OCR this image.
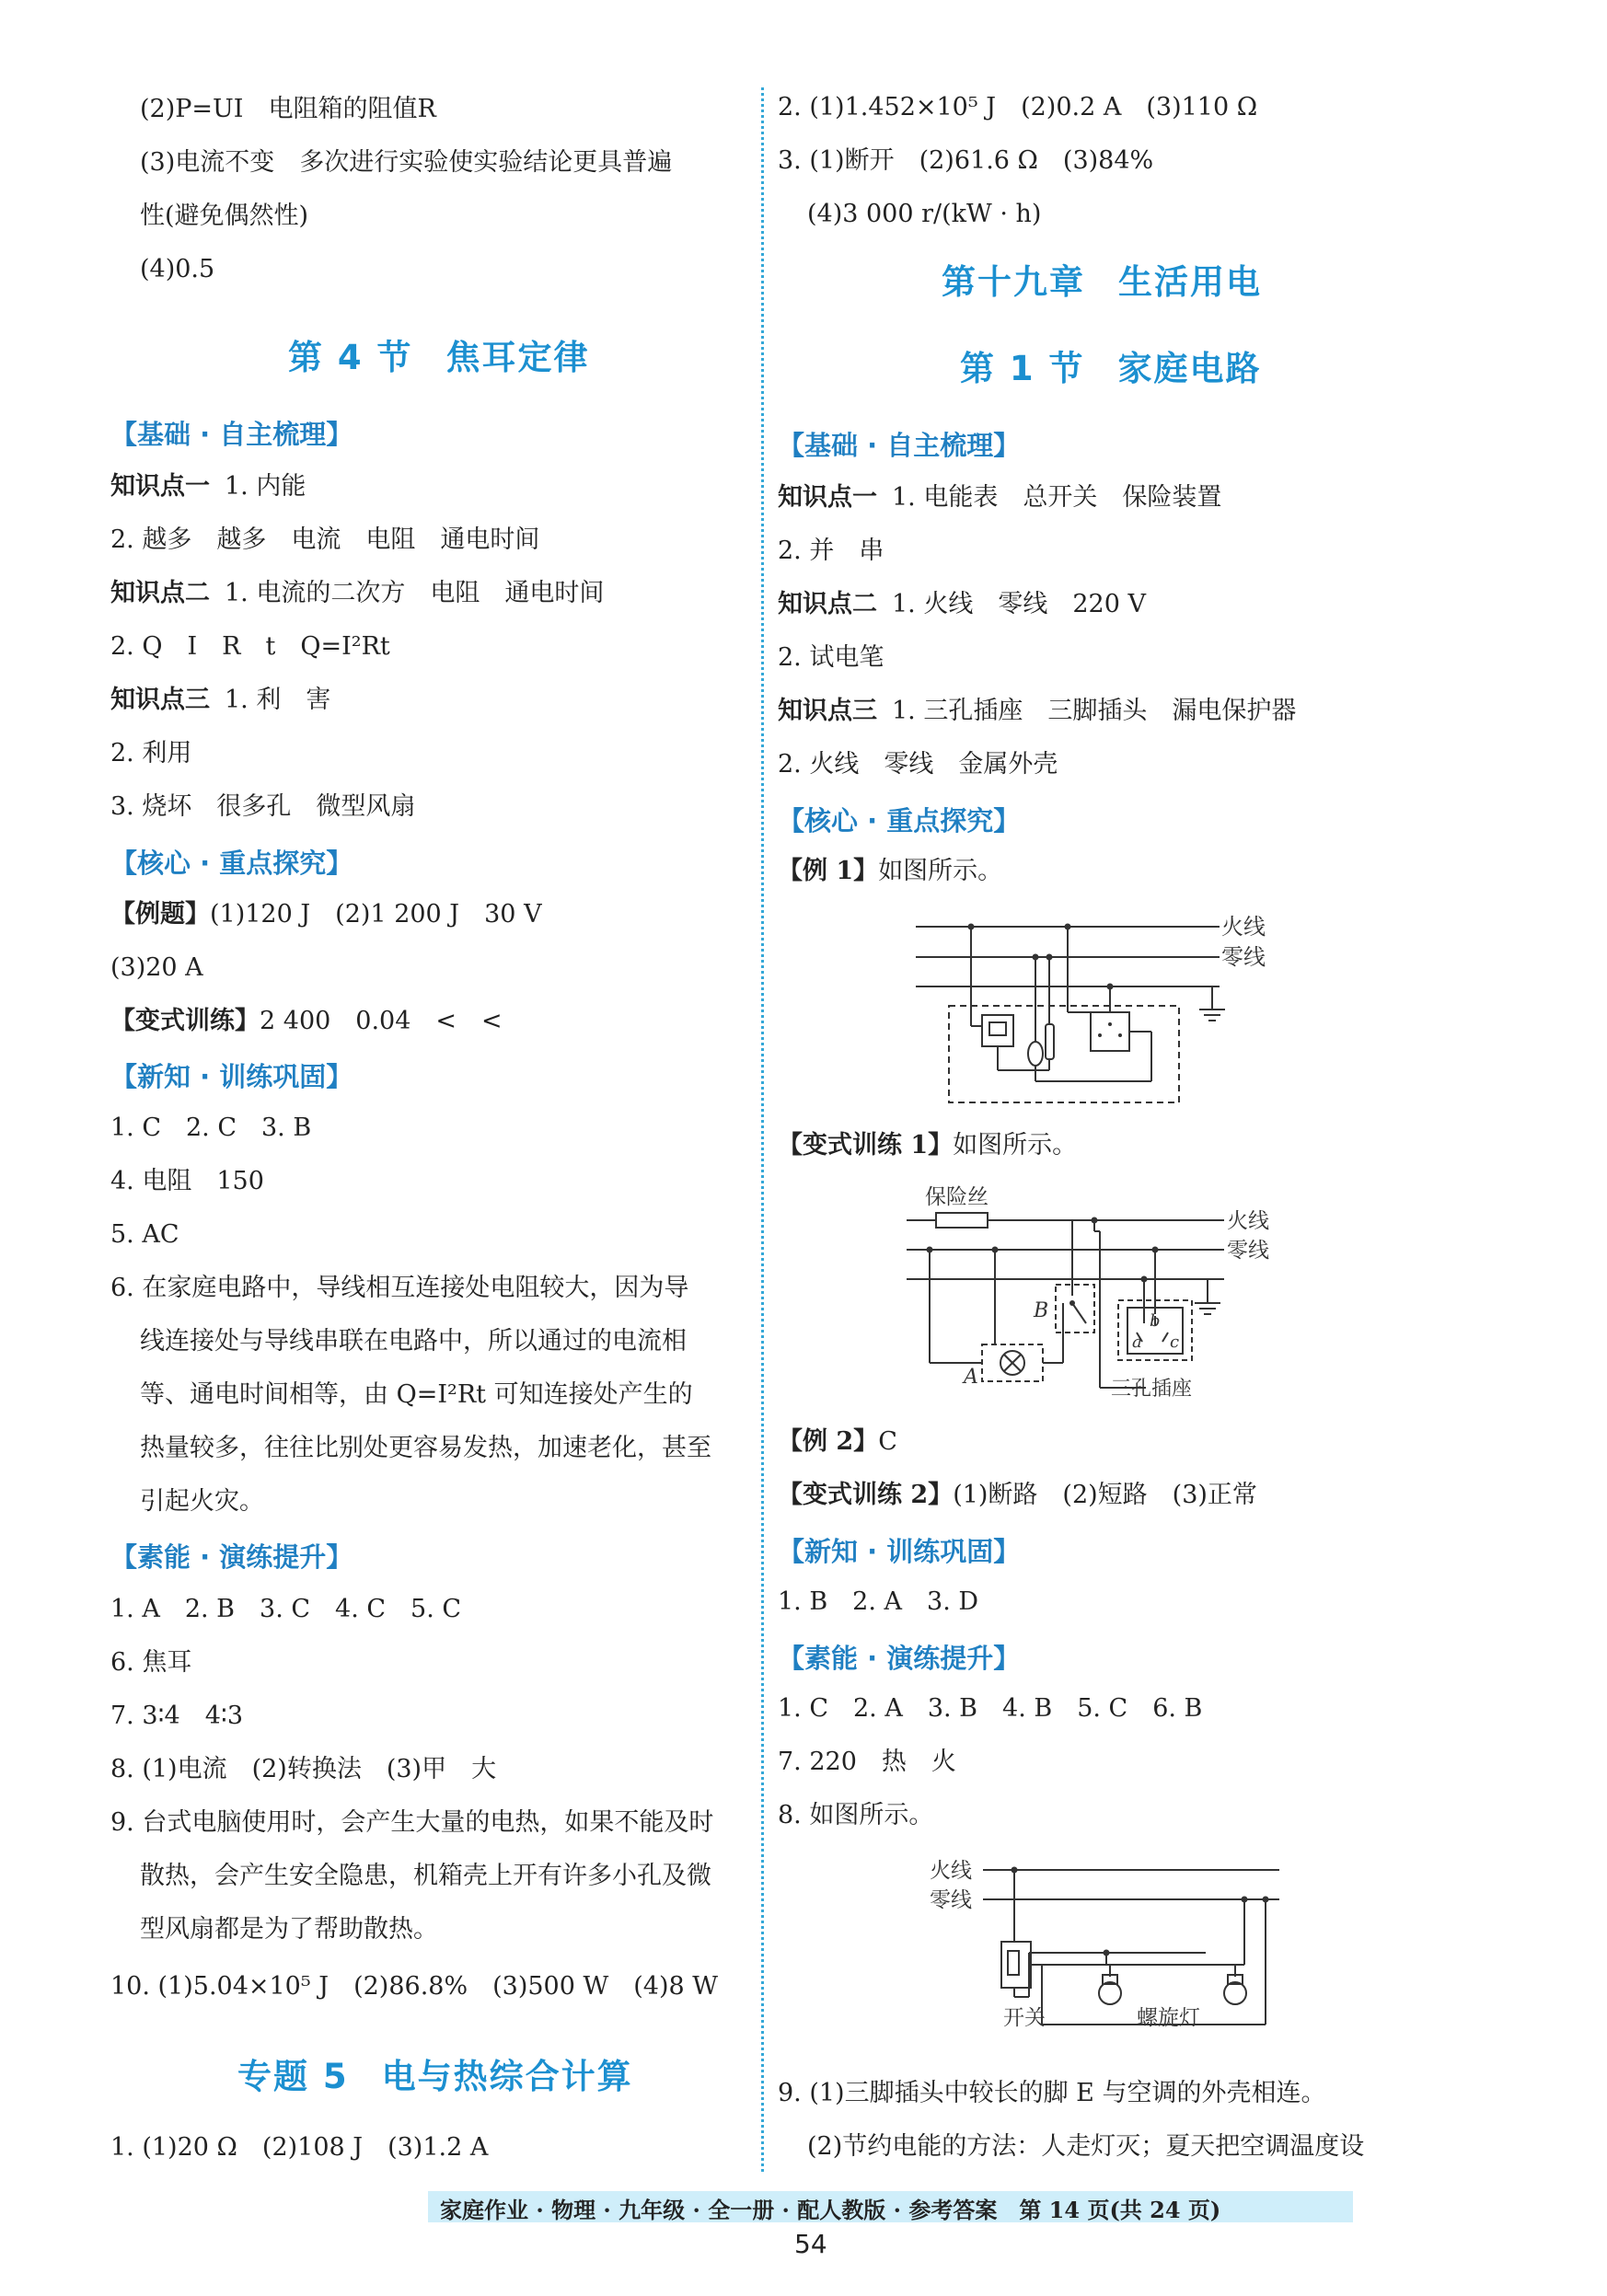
(2)P=UI　电阻箱的阻值R
(3)电流不变　多次进行实验使实验结论更具普遍
性(避免偶然性)
(4)0.5
第 4 节 焦耳定律
【基础 · 自主梳理】
知识点一 1. 内能
2. 越多　越多　电流　电阻　通电时间
知识点二 1. 电流的二次方　电阻　通电时间
2. Q　I　R　t　Q=I²Rt
知识点三 1. 利　害
2. 利用
3. 烧坏　很多孔　微型风扇
【核心 · 重点探究】
【例题】(1)120 J　(2)1 200 J　30 V
(3)20 A
【变式训练】2 400　0.04　<　<
【新知 · 训练巩固】
1. C　2. C　3. B
4. 电阻　150
5. AC
6. 在家庭电路中，导线相互连接处电阻较大，因为导
线连接处与导线串联在电路中，所以通过的电流相
等、通电时间相等，由 Q=I²Rt 可知连接处产生的
热量较多，往往比别处更容易发热，加速老化，甚至
引起火灾。
【素能 · 演练提升】
1. A　2. B　3. C　4. C　5. C
6. 焦耳
7. 3∶4　4∶3
8. (1)电流　(2)转换法　(3)甲　大
9. 台式电脑使用时，会产生大量的电热，如果不能及时
散热，会产生安全隐患，机箱壳上开有许多小孔及微
型风扇都是为了帮助散热。
10. (1)5.04×10⁵ J　(2)86.8%　(3)500 W　(4)8 W
专题 5 电与热综合计算
1. (1)20 Ω　(2)108 J　(3)1.2 A
2. (1)1.452×10⁵ J　(2)0.2 A　(3)110 Ω
3. (1)断开　(2)61.6 Ω　(3)84%
(4)3 000 r/(kW · h)
第十九章 生活用电
第 1 节 家庭电路
【基础 · 自主梳理】
知识点一 1. 电能表　总开关　保险装置
2. 并　串
知识点二 1. 火线　零线　220 V
2. 试电笔
知识点三 1. 三孔插座　三脚插头　漏电保护器
2. 火线　零线　金属外壳
【核心 · 重点探究】
【例 1】如图所示。
火线
零线
【变式训练 1】如图所示。
保险丝
火线
零线
B
A
a
b
c
三孔插座
【例 2】C
【变式训练 2】(1)断路　(2)短路　(3)正常
【新知 · 训练巩固】
1. B　2. A　3. D
【素能 · 演练提升】
1. C　2. A　3. B　4. B　5. C　6. B
7. 220　热　火
8. 如图所示。
火线
零线
开关	螺旋灯
9. (1)三脚插头中较长的脚 E 与空调的外壳相连。
(2)节约电能的方法：人走灯灭；夏天把空调温度设
家庭作业 · 物理 · 九年级 · 全一册 · 配人教版 · 参考答案　第 14 页(共 24 页)
54
